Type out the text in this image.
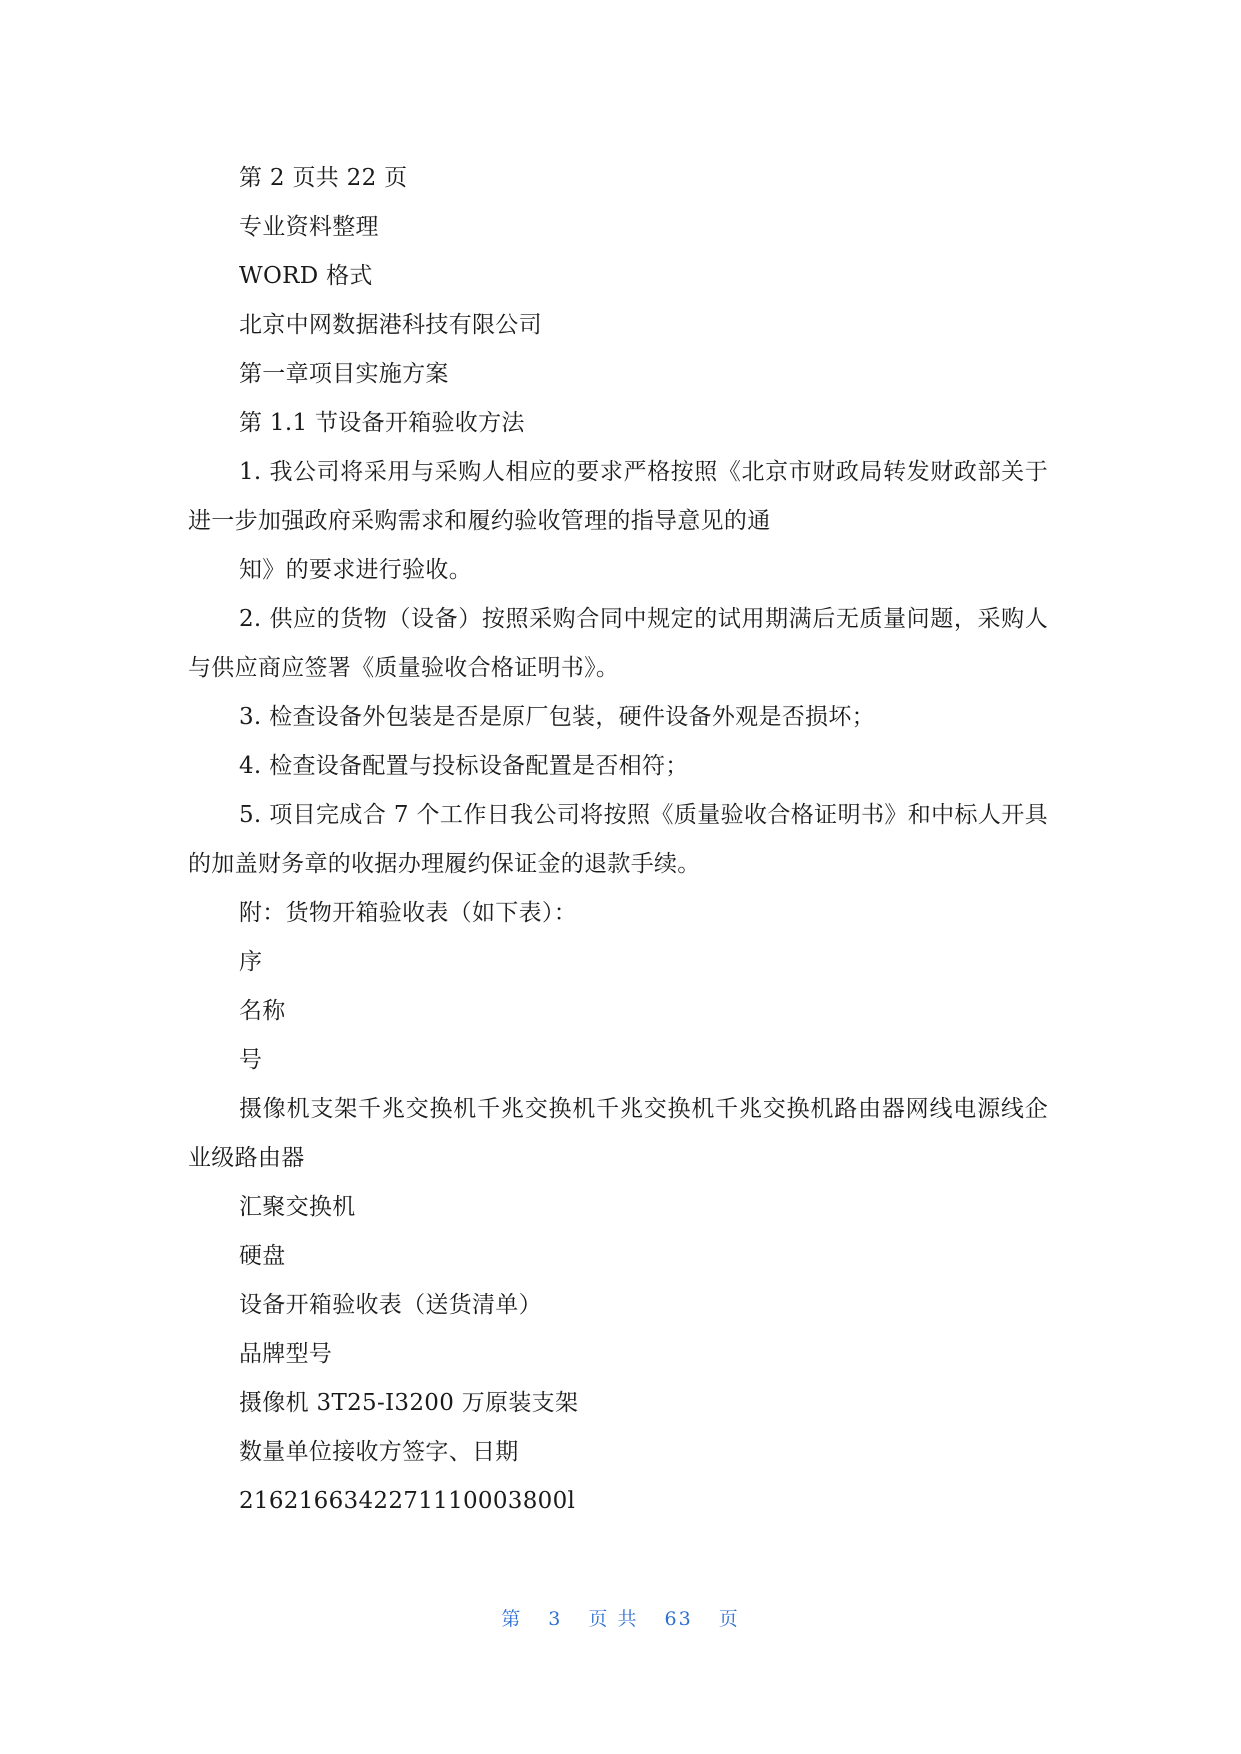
第 2 页共 22 页
专业资料整理
WORD 格式
北京中网数据港科技有限公司
第一章项目实施方案
第 1.1 节设备开箱验收方法
1. 我公司将采用与采购人相应的要求严格按照《北京市财政局转发财政部关于进一步加强政府采购需求和履约验收管理的指导意见的通
知》的要求进行验收。
2. 供应的货物（设备）按照采购合同中规定的试用期满后无质量问题，采购人与供应商应签署《质量验收合格证明书》。
3. 检查设备外包装是否是原厂包装，硬件设备外观是否损坏；
4. 检查设备配置与投标设备配置是否相符；
5. 项目完成合 7 个工作日我公司将按照《质量验收合格证明书》和中标人开具的加盖财务章的收据办理履约保证金的退款手续。
附：货物开箱验收表（如下表）：
序
名称
号
摄像机支架千兆交换机千兆交换机千兆交换机千兆交换机路由器网线电源线企业级路由器
汇聚交换机
硬盘
设备开箱验收表（送货清单）
品牌型号
摄像机 3T25-I3200 万原装支架
数量单位接收方签字、日期
2162166342271110003800l
第 3 页 共 63 页
